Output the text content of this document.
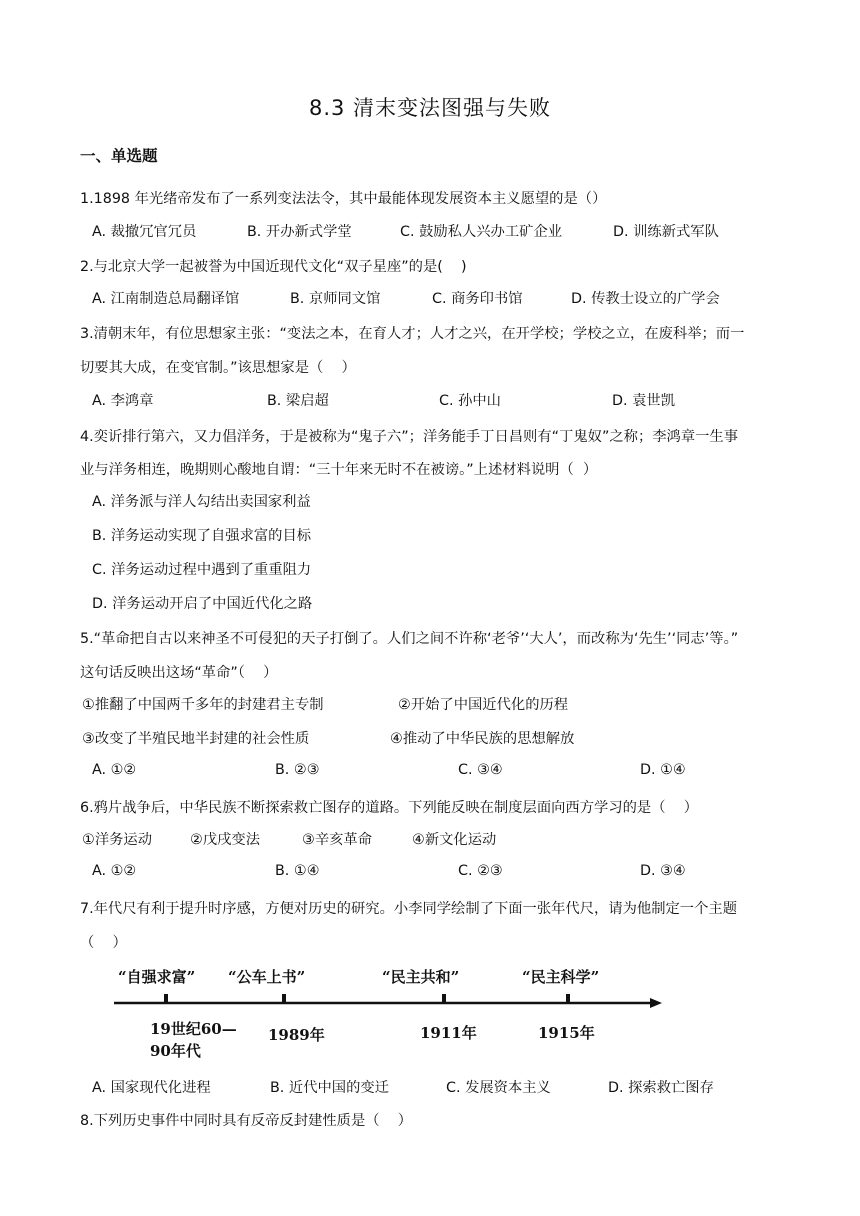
8.3 清末变法图强与失败
一、单选题
1.1898 年光绪帝发布了一系列变法法令，其中最能体现发展资本主义愿望的是（）
A. 裁撤冗官冗员	B. 开办新式学堂	C. 鼓励私人兴办工矿企业	D. 训练新式军队
2.与北京大学一起被誉为中国近现代文化“双子星座”的是(    )
A. 江南制造总局翻译馆	B. 京师同文馆	C. 商务印书馆	D. 传教士设立的广学会
3.清朝末年，有位思想家主张：“变法之本，在育人才；人才之兴，在开学校；学校之立，在废科举；而一
切要其大成，在变官制。”该思想家是（    ）
A. 李鸿章	B. 梁启超	C. 孙中山	D. 袁世凯
4.奕䜣排行第六，又力倡洋务，于是被称为“鬼子六”；洋务能手丁日昌则有“丁鬼奴”之称；李鸿章一生事
业与洋务相连，晚期则心酸地自谓：“三十年来无时不在被谤。”上述材料说明（  ）
A. 洋务派与洋人勾结出卖国家利益
B. 洋务运动实现了自强求富的目标
C. 洋务运动过程中遇到了重重阻力
D. 洋务运动开启了中国近代化之路
5.“革命把自古以来神圣不可侵犯的天子打倒了。人们之间不许称‘老爷’‘大人’，而改称为‘先生’‘同志’等。”
这句话反映出这场“革命”（    ）
①推翻了中国两千多年的封建君主专制	②开始了中国近代化的历程
③改变了半殖民地半封建的社会性质	④推动了中华民族的思想解放
A. ①②	B. ②③	C. ③④	D. ①④
6.鸦片战争后，中华民族不断探索救亡图存的道路。下列能反映在制度层面向西方学习的是（    ）
①洋务运动	②戊戌变法	③辛亥革命	④新文化运动
A. ①②	B. ①④	C. ②③	D. ③④
7.年代尺有利于提升时序感，方便对历史的研究。小李同学绘制了下面一张年代尺，请为他制定一个主题
（    ）
“自强求富” “公车上书”	“民主共和”	“民主科学”
19世纪60—
90年代
1989年	1911年	1915年
A. 国家现代化进程	B. 近代中国的变迁	C. 发展资本主义	D. 探索救亡图存
8.下列历史事件中同时具有反帝反封建性质是（    ）
